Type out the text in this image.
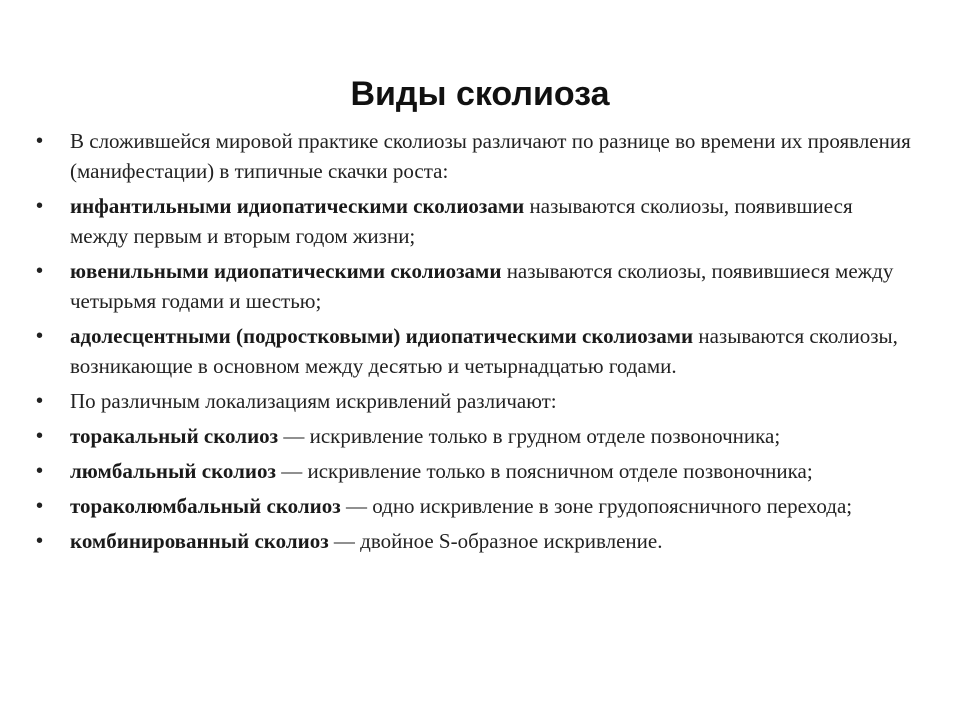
Виды сколиоза
•	В сложившейся мировой практике сколиозы различают по разнице во времени их проявления (манифестации) в типичные скачки роста:
•	инфантильными идиопатическими сколиозами называются сколиозы, появившиеся между первым и вторым годом жизни;
•	ювенильными идиопатическими сколиозами называются сколиозы, появившиеся между четырьмя годами и шестью;
•	адолесцентными (подростковыми) идиопатическими сколиозами называются сколиозы, возникающие в основном между десятью и четырнадцатью годами.
•	По различным локализациям искривлений различают:
•	торакальный сколиоз — искривление только в грудном отделе позвоночника;
•	люмбальный сколиоз — искривление только в поясничном отделе позвоночника;
•	тораколюмбальный сколиоз — одно искривление в зоне грудопоясничного перехода;
•	комбинированный сколиоз — двойное S-образное искривление.
